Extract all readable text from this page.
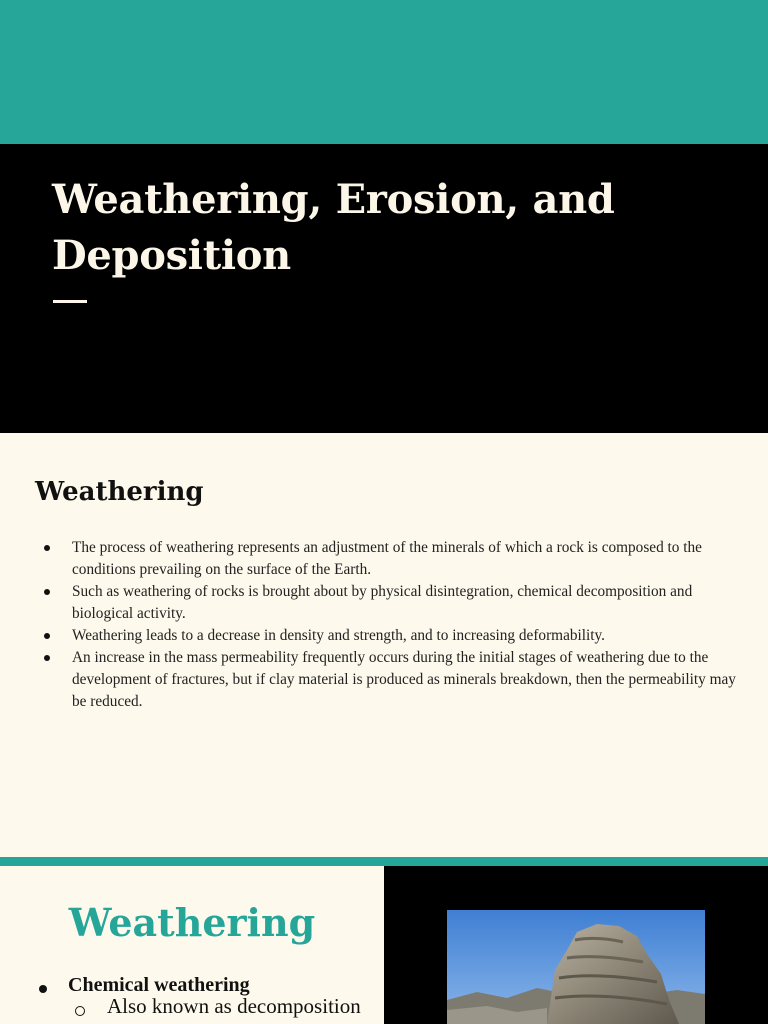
Weathering, Erosion, and Deposition
Weathering
The process of weathering represents an adjustment of the minerals of which a rock is composed to the conditions prevailing on the surface of the Earth.
Such as weathering of rocks is brought about by physical disintegration, chemical decomposition and biological activity.
Weathering leads to a decrease in density and strength, and to increasing deformability.
An increase in the mass permeability frequently occurs during the initial stages of weathering due to the development of fractures, but if clay material is produced as minerals breakdown, then the permeability may be reduced.
Weathering
Chemical weathering
Also known as decomposition
